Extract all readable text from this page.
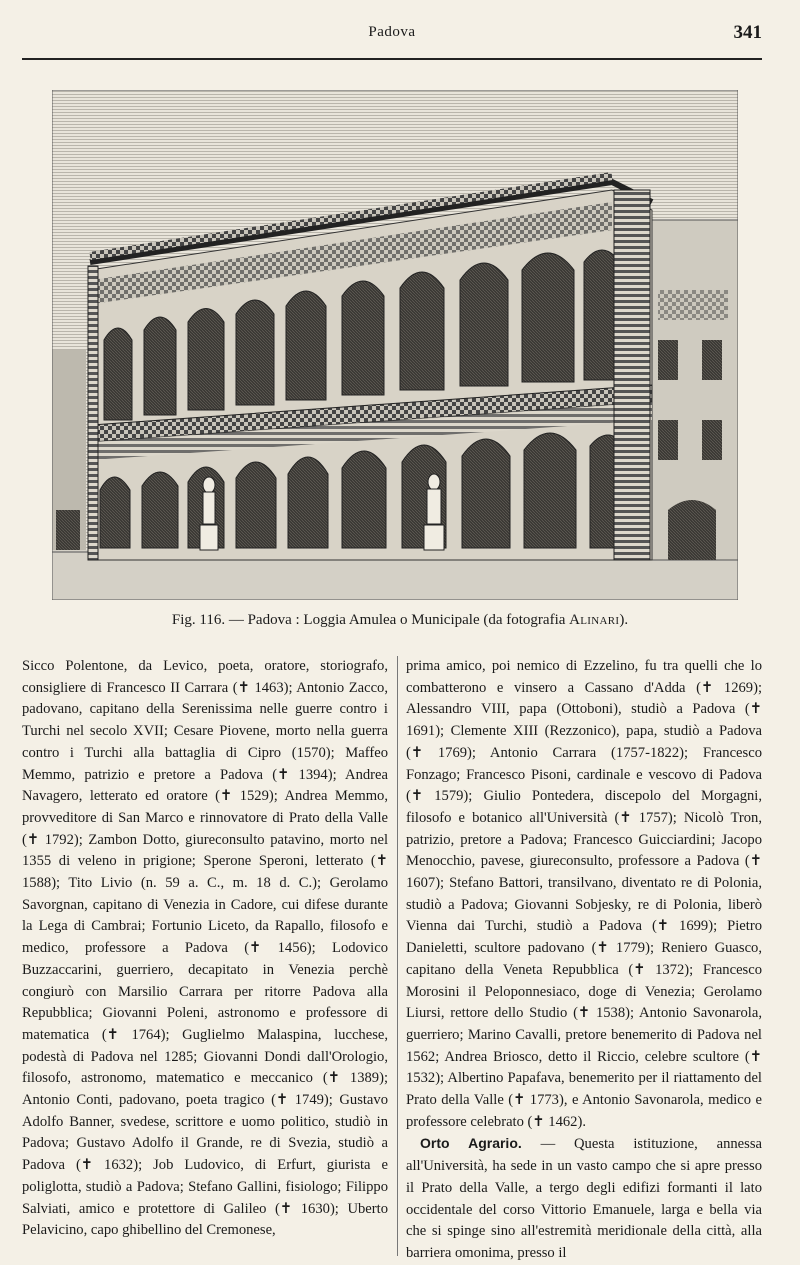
Padova	341
Fig. 116. — Padova : Loggia Amulea o Municipale (da fotografia Alinari).

Sicco Polentone, da Levico, poeta, oratore, storiografo, consigliere di Francesco II Carrara (✝ 1463); Antonio Zacco, padovano, capitano della Serenissima nelle guerre contro i Turchi nel secolo XVII; Cesare Piovene, morto nella guerra contro i Turchi alla battaglia di Cipro (1570); Maffeo Memmo, patrizio e pretore a Padova (✝ 1394); Andrea Navagero, letterato ed oratore (✝ 1529); Andrea Memmo, provveditore di San Marco e rinnovatore di Prato della Valle (✝ 1792); Zambon Dotto, giureconsulto patavino, morto nel 1355 di veleno in prigione; Sperone Speroni, letterato (✝ 1588); Tito Livio (n. 59 a. C., m. 18 d. C.); Gerolamo Savorgnan, capitano di Venezia in Cadore, cui difese durante la Lega di Cambrai; Fortunio Liceto, da Rapallo, filosofo e medico, professore a Padova (✝ 1456); Lodovico Buzzaccarini, guerriero, decapitato in Venezia perchè congiurò con Marsilio Carrara per ritorre Padova alla Repubblica; Giovanni Poleni, astronomo e professore di matematica (✝ 1764); Guglielmo Malaspina, lucchese, podestà di Padova nel 1285; Giovanni Dondi dall'Orologio, filosofo, astronomo, matematico e meccanico (✝ 1389); Antonio Conti, padovano, poeta tragico (✝ 1749); Gustavo Adolfo Banner, svedese, scrittore e uomo politico, studiò in Padova; Gustavo Adolfo il Grande, re di Svezia, studiò a Padova (✝ 1632); Job Ludovico, di Erfurt, giurista e poliglotta, studiò a Padova; Stefano Gallini, fisiologo; Filippo Salviati, amico e protettore di Galileo (✝ 1630); Uberto Pelavicino, capo ghibellino del Cremonese,

prima amico, poi nemico di Ezzelino, fu tra quelli che lo combatterono e vinsero a Cassano d'Adda (✝ 1269); Alessandro VIII, papa (Ottoboni), studiò a Padova (✝ 1691); Clemente XIII (Rezzonico), papa, studiò a Padova (✝ 1769); Antonio Carrara (1757-1822); Francesco Fonzago; Francesco Pisoni, cardinale e vescovo di Padova (✝ 1579); Giulio Pontedera, discepolo del Morgagni, filosofo e botanico all'Università (✝ 1757); Nicolò Tron, patrizio, pretore a Padova; Francesco Guicciardini; Jacopo Menocchio, pavese, giureconsulto, professore a Padova (✝ 1607); Stefano Battori, transilvano, diventato re di Polonia, studiò a Padova; Giovanni Sobjesky, re di Polonia, liberò Vienna dai Turchi, studiò a Padova (✝ 1699); Pietro Danieletti, scultore padovano (✝ 1779); Reniero Guasco, capitano della Veneta Repubblica (✝ 1372); Francesco Morosini il Peloponnesiaco, doge di Venezia; Gerolamo Liursi, rettore dello Studio (✝ 1538); Antonio Savonarola, guerriero; Marino Cavalli, pretore benemerito di Padova nel 1562; Andrea Briosco, detto il Riccio, celebre scultore (✝ 1532); Albertino Papafava, benemerito per il riattamento del Prato della Valle (✝ 1773), e Antonio Savonarola, medico e professore celebrato (✝ 1462).

Orto Agrario. — Questa istituzione, annessa all'Università, ha sede in un vasto campo che si apre presso il Prato della Valle, a tergo degli edifizi formanti il lato occidentale del corso Vittorio Emanuele, larga e bella via che si spinge sino all'estremità meridionale della città, alla barriera omonima, presso il
